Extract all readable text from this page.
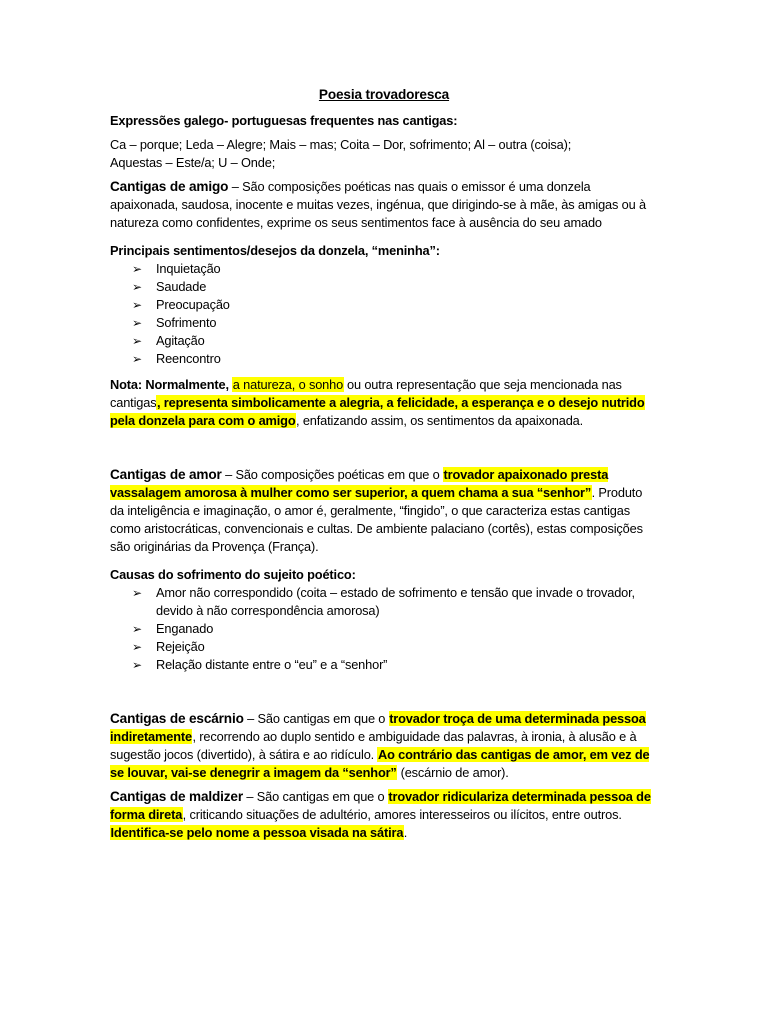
Poesia trovadoresca

Expressões galego- portuguesas frequentes nas cantigas:

Ca – porque; Leda – Alegre; Mais – mas; Coita – Dor, sofrimento; Al – outra (coisa);

Aquestas – Este/a; U – Onde;

Cantigas de amigo – São composições poéticas nas quais o emissor é uma donzela apaixonada, saudosa, inocente e muitas vezes, ingénua, que dirigindo-se à mãe, às amigas ou à natureza como confidentes, exprime os seus sentimentos face à ausência do seu amado

Principais sentimentos/desejos da donzela, “meninha”:

➢ Inquietação
➢ Saudade
➢ Preocupação
➢ Sofrimento
➢ Agitação
➢ Reencontro

Nota: Normalmente, a natureza, o sonho ou outra representação que seja mencionada nas cantigas, representa simbolicamente a alegria, a felicidade, a esperança e o desejo nutrido pela donzela para com o amigo, enfatizando assim, os sentimentos da apaixonada.

Cantigas de amor – São composições poéticas em que o trovador apaixonado presta vassalagem amorosa à mulher como ser superior, a quem chama a sua “senhor”. Produto da inteligência e imaginação, o amor é, geralmente, “fingido”, o que caracteriza estas cantigas como aristocráticas, convencionais e cultas. De ambiente palaciano (cortês), estas composições são originárias da Provença (França).

Causas do sofrimento do sujeito poético:

➢ Amor não correspondido (coita – estado de sofrimento e tensão que invade o trovador, devido à não correspondência amorosa)
➢ Enganado
➢ Rejeição
➢ Relação distante entre o “eu” e a “senhor”

Cantigas de escárnio – São cantigas em que o trovador troça de uma determinada pessoa indiretamente, recorrendo ao duplo sentido e ambiguidade das palavras, à ironia, à alusão e à sugestão jocos (divertido), à sátira e ao ridículo. Ao contrário das cantigas de amor, em vez de se louvar, vai-se denegrir a imagem da “senhor” (escárnio de amor).

Cantigas de maldizer – São cantigas em que o trovador ridiculariza determinada pessoa de forma direta, criticando situações de adultério, amores interesseiros ou ilícitos, entre outros. Identifica-se pelo nome a pessoa visada na sátira.
